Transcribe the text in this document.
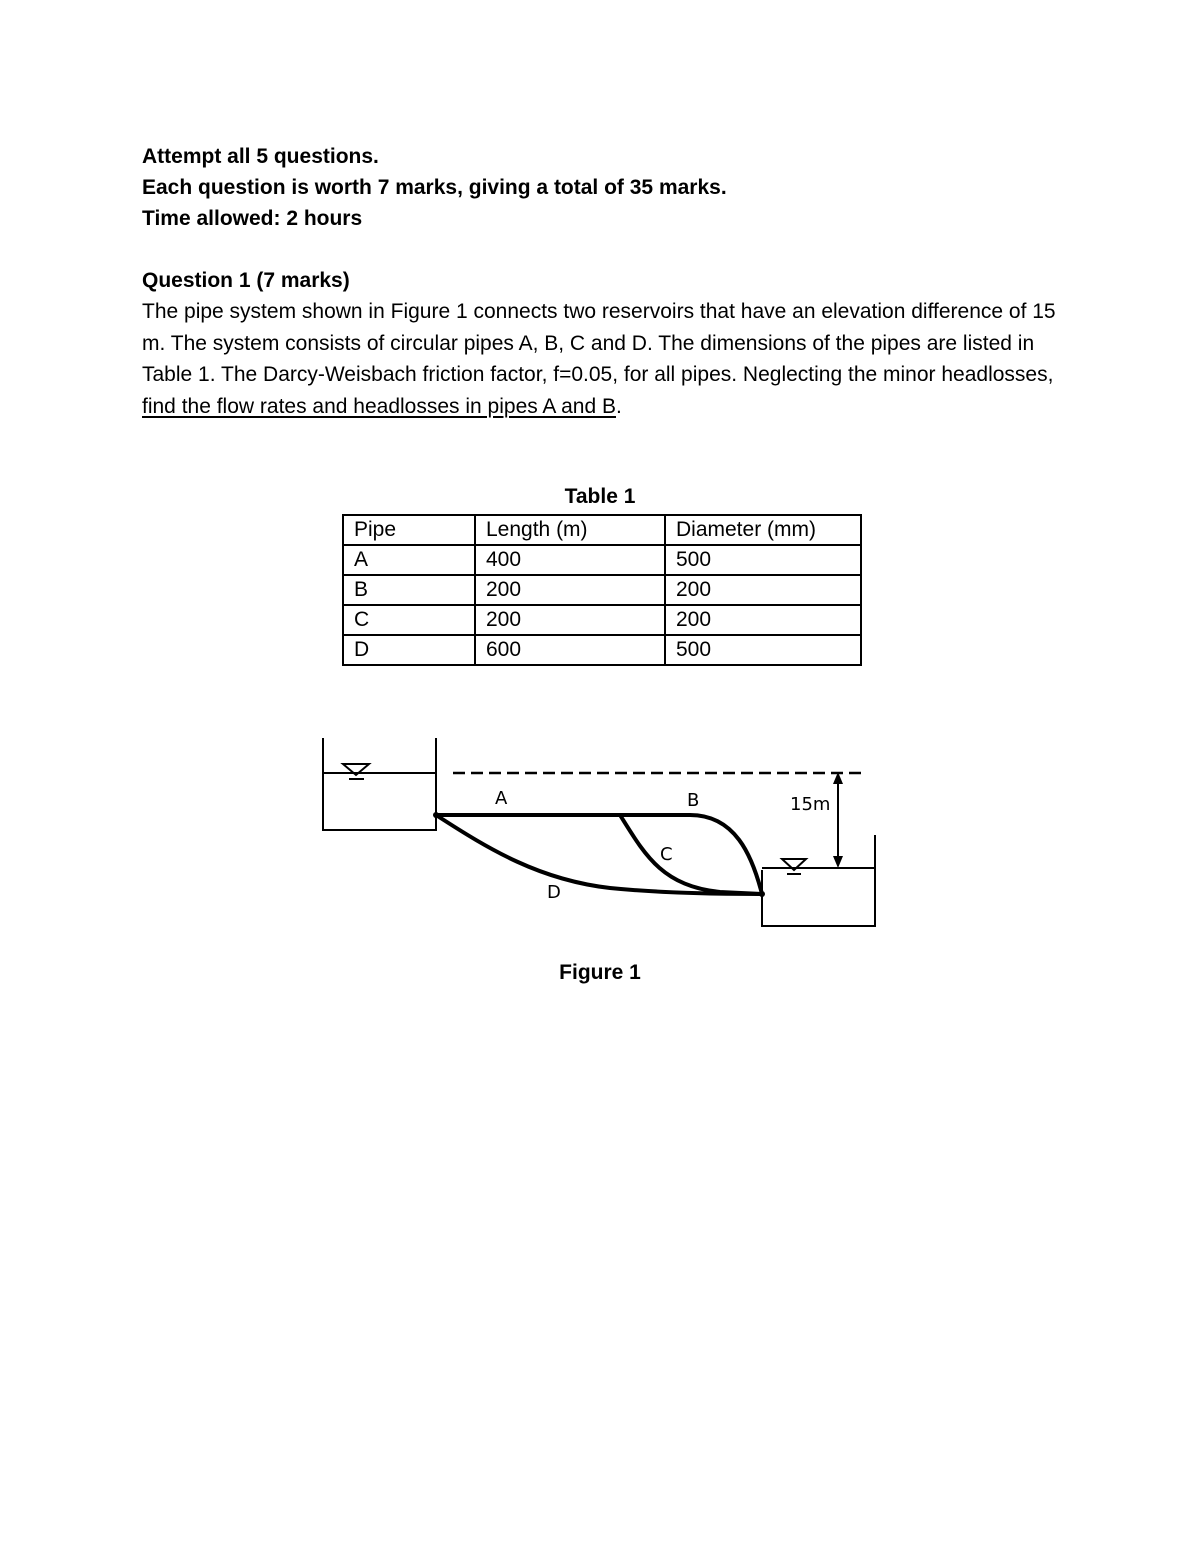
Attempt all 5 questions.
Each question is worth 7 marks, giving a total of 35 marks.
Time allowed: 2 hours
Question 1 (7 marks)
The pipe system shown in Figure 1 connects two reservoirs that have an elevation difference of 15 m. The system consists of circular pipes A, B, C and D. The dimensions of the pipes are listed in Table 1. The Darcy-Weisbach friction factor, f=0.05, for all pipes. Neglecting the minor headlosses, find the flow rates and headlosses in pipes A and B.
Table 1
Pipe	Length (m)	Diameter (mm)
A	400	500
B	200	200
C	200	200
D	600	500
A	B
C
D
15m
Figure 1
